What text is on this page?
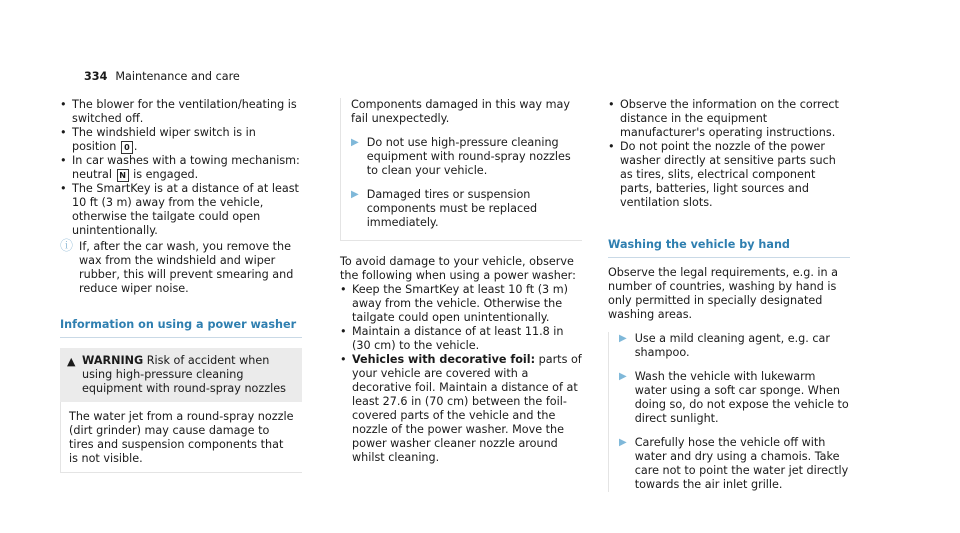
334 Maintenance and care
• The blower for the ventilation/heating is switched off.
• The windshield wiper switch is in position 0 .
• In car washes with a towing mechanism: neutral N is engaged.
• The SmartKey is at a distance of at least 10 ft (3 m) away from the vehicle, otherwise the tailgate could open unintentionally.
ⓘ If, after the car wash, you remove the wax from the windshield and wiper rubber, this will prevent smearing and reduce wiper noise.
Information on using a power washer
▲ WARNING Risk of accident when using high-pressure cleaning equipment with round-spray nozzles
The water jet from a round-spray nozzle (dirt grinder) may cause damage to tires and suspension components that is not visible.
Components damaged in this way may fail unexpectedly.
▶ Do not use high-pressure cleaning equipment with round-spray nozzles to clean your vehicle.
▶ Damaged tires or suspension components must be replaced immediately.
To avoid damage to your vehicle, observe the following when using a power washer:
• Keep the SmartKey at least 10 ft (3 m) away from the vehicle. Otherwise the tailgate could open unintentionally.
• Maintain a distance of at least 11.8 in (30 cm) to the vehicle.
• Vehicles with decorative foil: parts of your vehicle are covered with a decorative foil. Maintain a distance of at least 27.6 in (70 cm) between the foil-covered parts of the vehicle and the nozzle of the power washer. Move the power washer cleaner nozzle around whilst cleaning.
• Observe the information on the correct distance in the equipment manufacturer's operating instructions.
• Do not point the nozzle of the power washer directly at sensitive parts such as tires, slits, electrical component parts, batteries, light sources and ventilation slots.
Washing the vehicle by hand
Observe the legal requirements, e.g. in a number of countries, washing by hand is only permitted in specially designated washing areas.
▶ Use a mild cleaning agent, e.g. car shampoo.
▶ Wash the vehicle with lukewarm water using a soft car sponge. When doing so, do not expose the vehicle to direct sunlight.
▶ Carefully hose the vehicle off with water and dry using a chamois. Take care not to point the water jet directly towards the air inlet grille.
